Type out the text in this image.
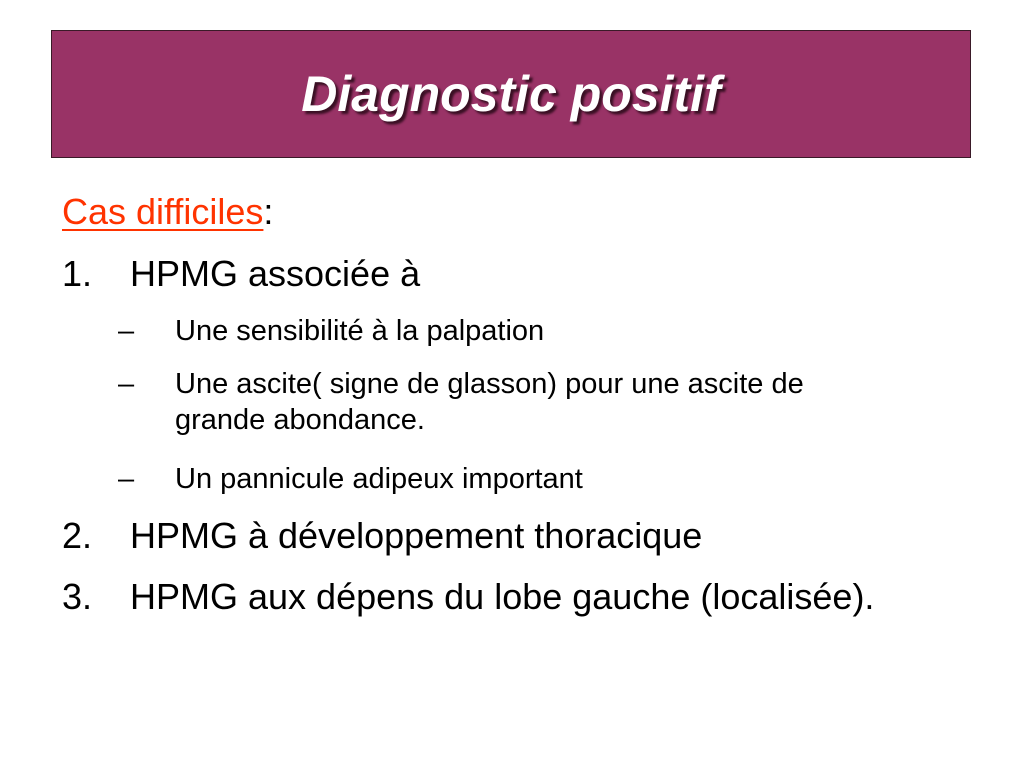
Diagnostic positif
Cas difficiles:
1. HPMG associée à
– Une sensibilité à la palpation
– Une ascite( signe de glasson) pour une ascite de grande abondance.
– Un pannicule adipeux important
2. HPMG à développement thoracique
3. HPMG aux dépens du lobe gauche (localisée).
